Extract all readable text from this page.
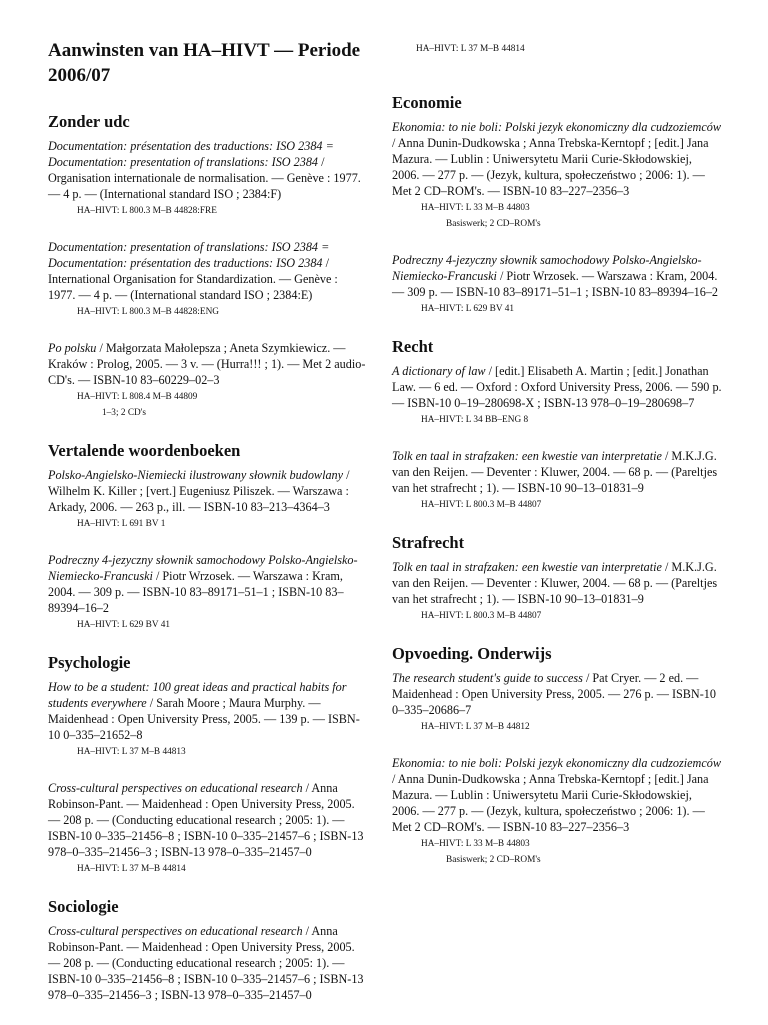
Aanwinsten van HA–HIVT — Periode 2006/07
Zonder udc

Documentation: présentation des traductions: ISO 2384 = Documentation: presentation of translations: ISO 2384 / Organisation internationale de normalisation. — Genève : 1977. — 4 p. — (International standard ISO ; 2384:F)

HA–HIVT: L 800.3 M–B 44828:FRE

Documentation: presentation of translations: ISO 2384 = Documentation: présentation des traductions: ISO 2384 / International Organisation for Standardization. — Genève : 1977. — 4 p. — (International standard ISO ; 2384:E)

HA–HIVT: L 800.3 M–B 44828:ENG

Po polsku / Małgorzata Małolepsza ; Aneta Szymkiewicz. — Kraków : Prolog, 2005. — 3 v. — (Hurra!!! ; 1). — Met 2 audio-CD's. — ISBN-10 83–60229–02–3

HA–HIVT: L 808.4 M–B 44809
1–3; 2 CD's
Vertalende woordenboeken

Polsko-Angielsko-Niemiecki ilustrowany słownik budowlany / Wilhelm K. Killer ; [vert.] Eugeniusz Piliszek. — Warszawa : Arkady, 2006. — 263 p., ill. — ISBN-10 83–213–4364–3

HA–HIVT: L 691 BV 1

Podreczny 4-jezyczny słownik samochodowy Polsko-Angielsko-Niemiecko-Francuski / Piotr Wrzosek. — Warszawa : Kram, 2004. — 309 p. — ISBN-10 83–89171–51–1 ; ISBN-10 83–89394–16–2

HA–HIVT: L 629 BV 41
Psychologie

How to be a student: 100 great ideas and practical habits for students everywhere / Sarah Moore ; Maura Murphy. — Maidenhead : Open University Press, 2005. — 139 p. — ISBN-10 0–335–21652–8

HA–HIVT: L 37 M–B 44813

Cross-cultural perspectives on educational research / Anna Robinson-Pant. — Maidenhead : Open University Press, 2005. — 208 p. — (Conducting educational research ; 2005: 1). — ISBN-10 0–335–21456–8 ; ISBN-10 0–335–21457–6 ; ISBN-13 978–0–335–21456–3 ; ISBN-13 978–0–335–21457–0

HA–HIVT: L 37 M–B 44814
Sociologie

Cross-cultural perspectives on educational research / Anna Robinson-Pant. — Maidenhead : Open University Press, 2005. — 208 p. — (Conducting educational research ; 2005: 1). — ISBN-10 0–335–21456–8 ; ISBN-10 0–335–21457–6 ; ISBN-13 978–0–335–21456–3 ; ISBN-13 978–0–335–21457–0

HA–HIVT: L 37 M–B 44814
Economie

Ekonomia: to nie boli: Polski jezyk ekonomiczny dla cudzoziemców / Anna Dunin-Dudkowska ; Anna Trebska-Kerntopf ; [edit.] Jana Mazura. — Lublin : Uniwersytetu Marii Curie-Skłodowskiej, 2006. — 277 p. — (Jezyk, kultura, społeczeństwo ; 2006: 1). — Met 2 CD–ROM's. — ISBN-10 83–227–2356–3

HA–HIVT: L 33 M–B 44803
Basiswerk; 2 CD–ROM's

Podreczny 4-jezyczny słownik samochodowy Polsko-Angielsko-Niemiecko-Francuski / Piotr Wrzosek. — Warszawa : Kram, 2004. — 309 p. — ISBN-10 83–89171–51–1 ; ISBN-10 83–89394–16–2

HA–HIVT: L 629 BV 41
Recht

A dictionary of law / [edit.] Elisabeth A. Martin ; [edit.] Jonathan Law. — 6 ed. — Oxford : Oxford University Press, 2006. — 590 p. — ISBN-10 0–19–280698-X ; ISBN-13 978–0–19–280698–7

HA–HIVT: L 34 BB–ENG 8

Tolk en taal in strafzaken: een kwestie van interpretatie / M.K.J.G. van den Reijen. — Deventer : Kluwer, 2004. — 68 p. — (Pareltjes van het strafrecht ; 1). — ISBN-10 90–13–01831–9

HA–HIVT: L 800.3 M–B 44807
Strafrecht

Tolk en taal in strafzaken: een kwestie van interpretatie / M.K.J.G. van den Reijen. — Deventer : Kluwer, 2004. — 68 p. — (Pareltjes van het strafrecht ; 1). — ISBN-10 90–13–01831–9

HA–HIVT: L 800.3 M–B 44807
Opvoeding. Onderwijs

The research student's guide to success / Pat Cryer. — 2 ed. — Maidenhead : Open University Press, 2005. — 276 p. — ISBN-10 0–335–20686–7

HA–HIVT: L 37 M–B 44812

Ekonomia: to nie boli: Polski jezyk ekonomiczny dla cudzoziemców / Anna Dunin-Dudkowska ; Anna Trebska-Kerntopf ; [edit.] Jana Mazura. — Lublin : Uniwersytetu Marii Curie-Skłodowskiej, 2006. — 277 p. — (Jezyk, kultura, społeczeństwo ; 2006: 1). — Met 2 CD–ROM's. — ISBN-10 83–227–2356–3

HA–HIVT: L 33 M–B 44803
Basiswerk; 2 CD–ROM's
